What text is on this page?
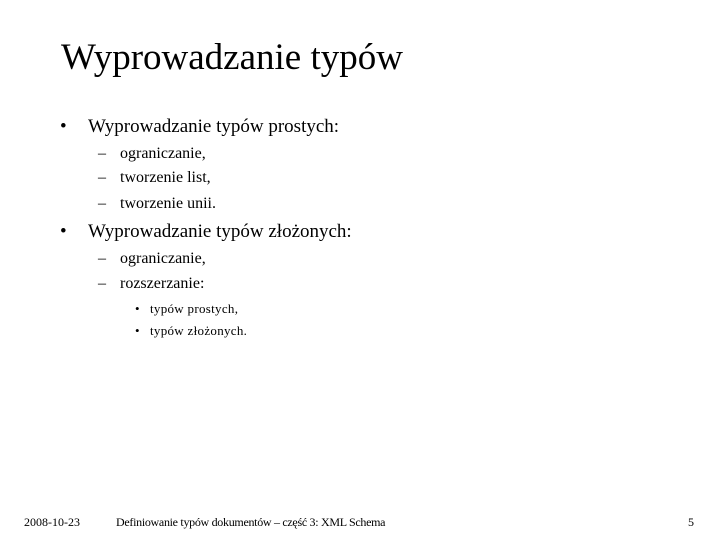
Wyprowadzanie typów
• Wyprowadzanie typów prostych:
– ograniczanie,
– tworzenie list,
– tworzenie unii.
• Wyprowadzanie typów złożonych:
– ograniczanie,
– rozszerzanie:
• typów prostych,
• typów złożonych.
2008-10-23	Definiowanie typów dokumentów – część 3: XML Schema	5
